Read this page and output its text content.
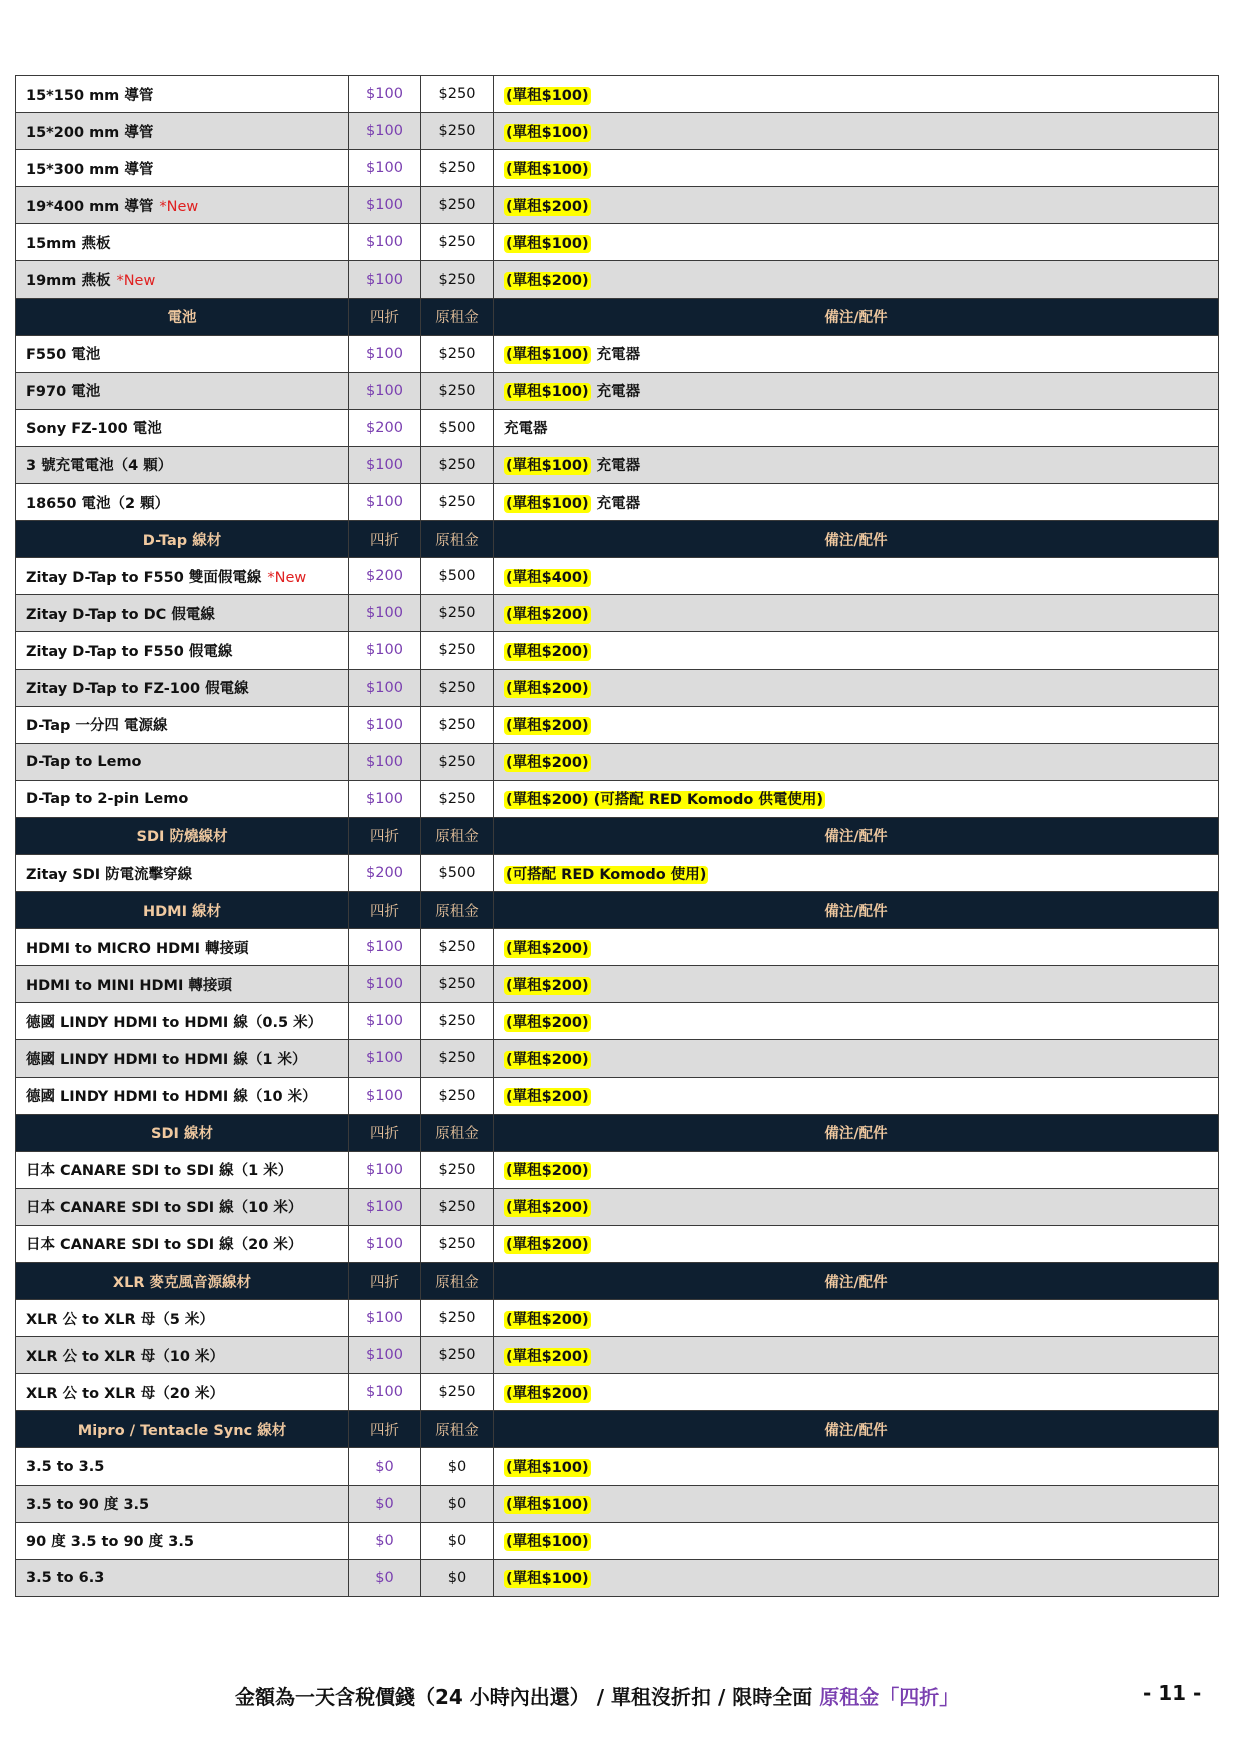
15*150 mm 導管	$100	$250	(單租$100)
15*200 mm 導管	$100	$250	(單租$100)
15*300 mm 導管	$100	$250	(單租$100)
19*400 mm 導管 *New	$100	$250	(單租$200)
15mm 燕板	$100	$250	(單租$100)
19mm 燕板 *New	$100	$250	(單租$200)
電池	四折	原租金	備注/配件
F550 電池	$100	$250	(單租$100) 充電器
F970 電池	$100	$250	(單租$100) 充電器
Sony FZ-100 電池	$200	$500	充電器
3 號充電電池（4 顆）	$100	$250	(單租$100) 充電器
18650 電池（2 顆）	$100	$250	(單租$100) 充電器
D-Tap 線材	四折	原租金	備注/配件
Zitay D-Tap to F550 雙面假電線 *New	$200	$500	(單租$400)
Zitay D-Tap to DC 假電線	$100	$250	(單租$200)
Zitay D-Tap to F550 假電線	$100	$250	(單租$200)
Zitay D-Tap to FZ-100 假電線	$100	$250	(單租$200)
D-Tap 一分四 電源線	$100	$250	(單租$200)
D-Tap to Lemo	$100	$250	(單租$200)
D-Tap to 2-pin Lemo	$100	$250	(單租$200) (可搭配 RED Komodo 供電使用)
SDI 防燒線材	四折	原租金	備注/配件
Zitay SDI 防電流擊穿線	$200	$500	(可搭配 RED Komodo 使用)
HDMI 線材	四折	原租金	備注/配件
HDMI to MICRO HDMI 轉接頭	$100	$250	(單租$200)
HDMI to MINI HDMI 轉接頭	$100	$250	(單租$200)
德國 LINDY HDMI to HDMI 線（0.5 米）	$100	$250	(單租$200)
德國 LINDY HDMI to HDMI 線（1 米）	$100	$250	(單租$200)
德國 LINDY HDMI to HDMI 線（10 米）	$100	$250	(單租$200)
SDI 線材	四折	原租金	備注/配件
日本 CANARE SDI to SDI 線（1 米）	$100	$250	(單租$200)
日本 CANARE SDI to SDI 線（10 米）	$100	$250	(單租$200)
日本 CANARE SDI to SDI 線（20 米）	$100	$250	(單租$200)
XLR 麥克風音源線材	四折	原租金	備注/配件
XLR 公 to XLR 母（5 米）	$100	$250	(單租$200)
XLR 公 to XLR 母（10 米）	$100	$250	(單租$200)
XLR 公 to XLR 母（20 米）	$100	$250	(單租$200)
Mipro / Tentacle Sync 線材	四折	原租金	備注/配件
3.5 to 3.5	$0	$0	(單租$100)
3.5 to 90 度 3.5	$0	$0	(單租$100)
90 度 3.5 to 90 度 3.5	$0	$0	(單租$100)
3.5 to 6.3	$0	$0	(單租$100)
金額為一天含稅價錢（24 小時內出還） / 單租沒折扣 / 限時全面 原租金「四折」	- 11 -
